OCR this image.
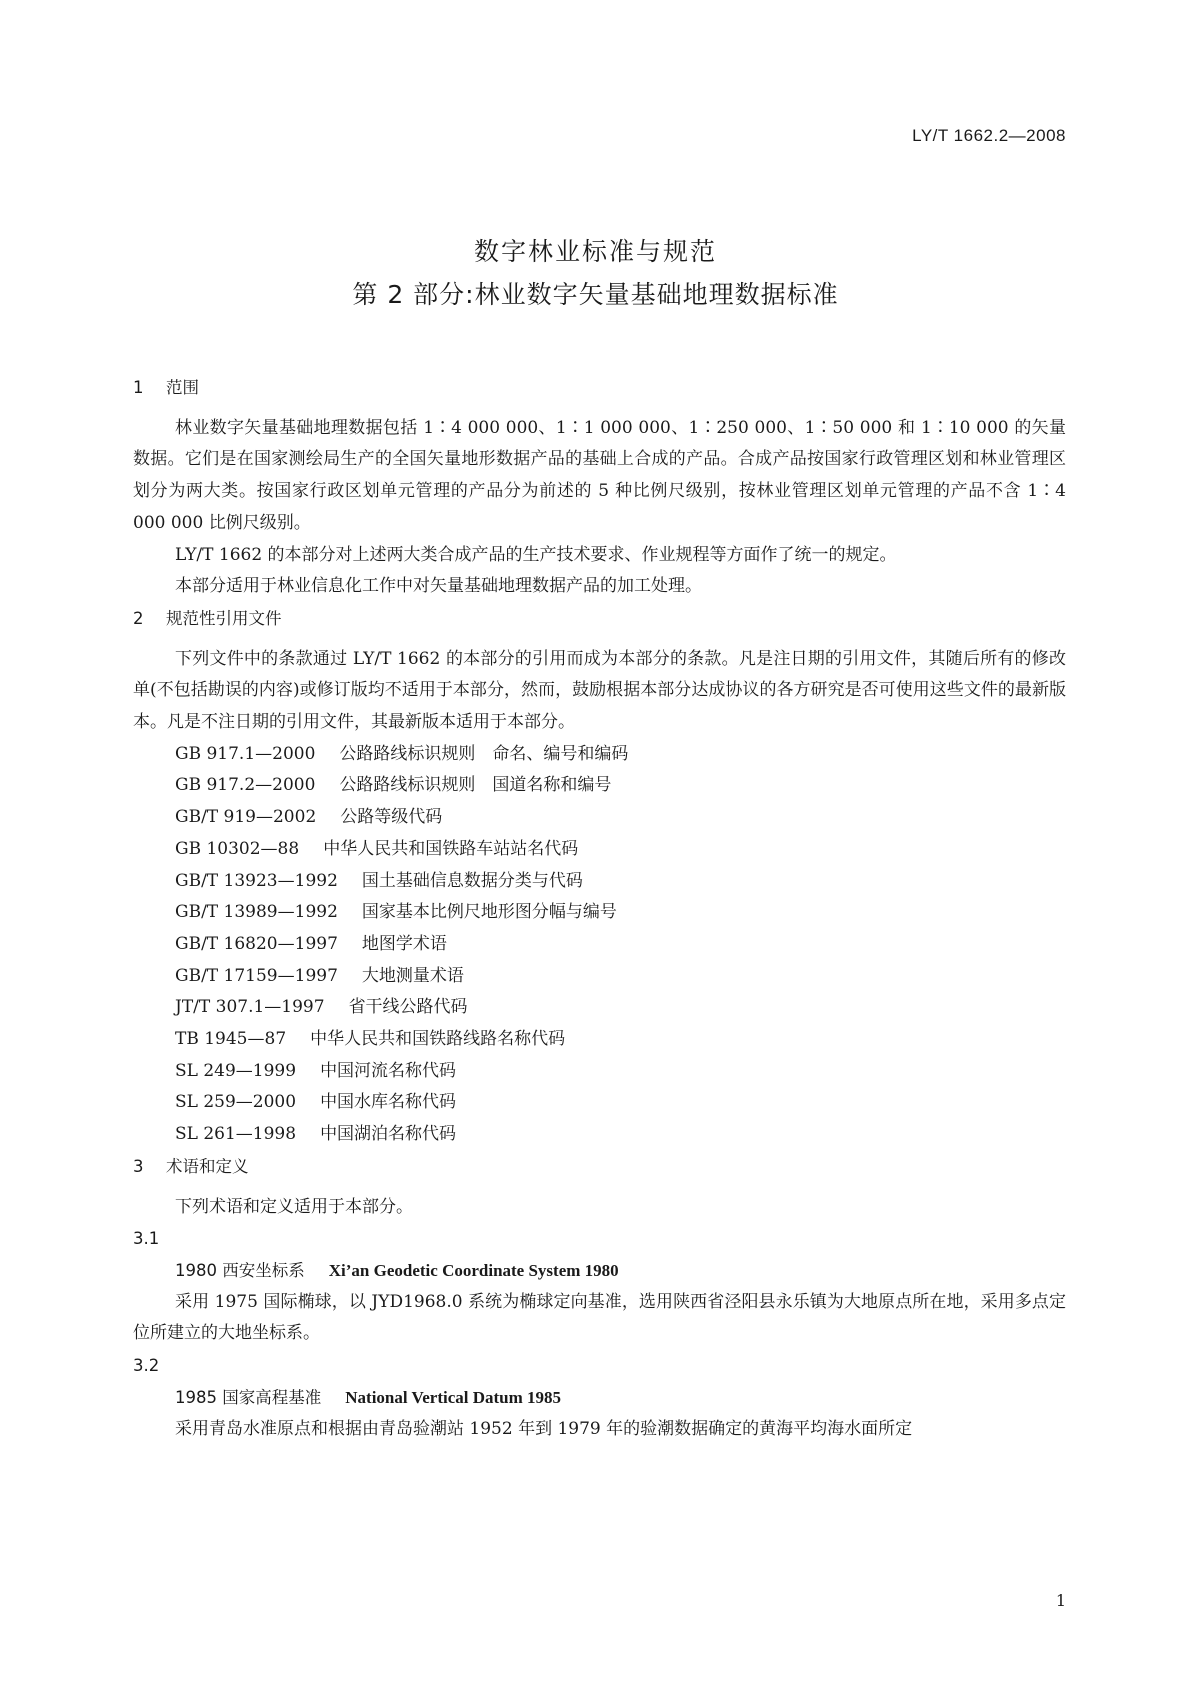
LY/T 1662.2—2008
数字林业标准与规范
第 2 部分:林业数字矢量基础地理数据标准
1 范围
林业数字矢量基础地理数据包括 1∶4 000 000、1∶1 000 000、1∶250 000、1∶50 000 和 1∶10 000 的矢量数据。它们是在国家测绘局生产的全国矢量地形数据产品的基础上合成的产品。合成产品按国家行政管理区划和林业管理区划分为两大类。按国家行政区划单元管理的产品分为前述的 5 种比例尺级别，按林业管理区划单元管理的产品不含 1∶4 000 000 比例尺级别。
LY/T 1662 的本部分对上述两大类合成产品的生产技术要求、作业规程等方面作了统一的规定。
本部分适用于林业信息化工作中对矢量基础地理数据产品的加工处理。
2 规范性引用文件
下列文件中的条款通过 LY/T 1662 的本部分的引用而成为本部分的条款。凡是注日期的引用文件，其随后所有的修改单(不包括勘误的内容)或修订版均不适用于本部分，然而，鼓励根据本部分达成协议的各方研究是否可使用这些文件的最新版本。凡是不注日期的引用文件，其最新版本适用于本部分。
GB 917.1—2000 公路路线标识规则　命名、编号和编码
GB 917.2—2000 公路路线标识规则　国道名称和编号
GB/T 919—2002 公路等级代码
GB 10302—88 中华人民共和国铁路车站站名代码
GB/T 13923—1992 国土基础信息数据分类与代码
GB/T 13989—1992 国家基本比例尺地形图分幅与编号
GB/T 16820—1997 地图学术语
GB/T 17159—1997 大地测量术语
JT/T 307.1—1997 省干线公路代码
TB 1945—87 中华人民共和国铁路线路名称代码
SL 249—1999 中国河流名称代码
SL 259—2000 中国水库名称代码
SL 261—1998 中国湖泊名称代码
3 术语和定义
下列术语和定义适用于本部分。
3.1
1980 西安坐标系 Xi’an Geodetic Coordinate System 1980
采用 1975 国际椭球，以 JYD1968.0 系统为椭球定向基准，选用陕西省泾阳县永乐镇为大地原点所在地，采用多点定位所建立的大地坐标系。
3.2
1985 国家高程基准 National Vertical Datum 1985
采用青岛水准原点和根据由青岛验潮站 1952 年到 1979 年的验潮数据确定的黄海平均海水面所定
1
